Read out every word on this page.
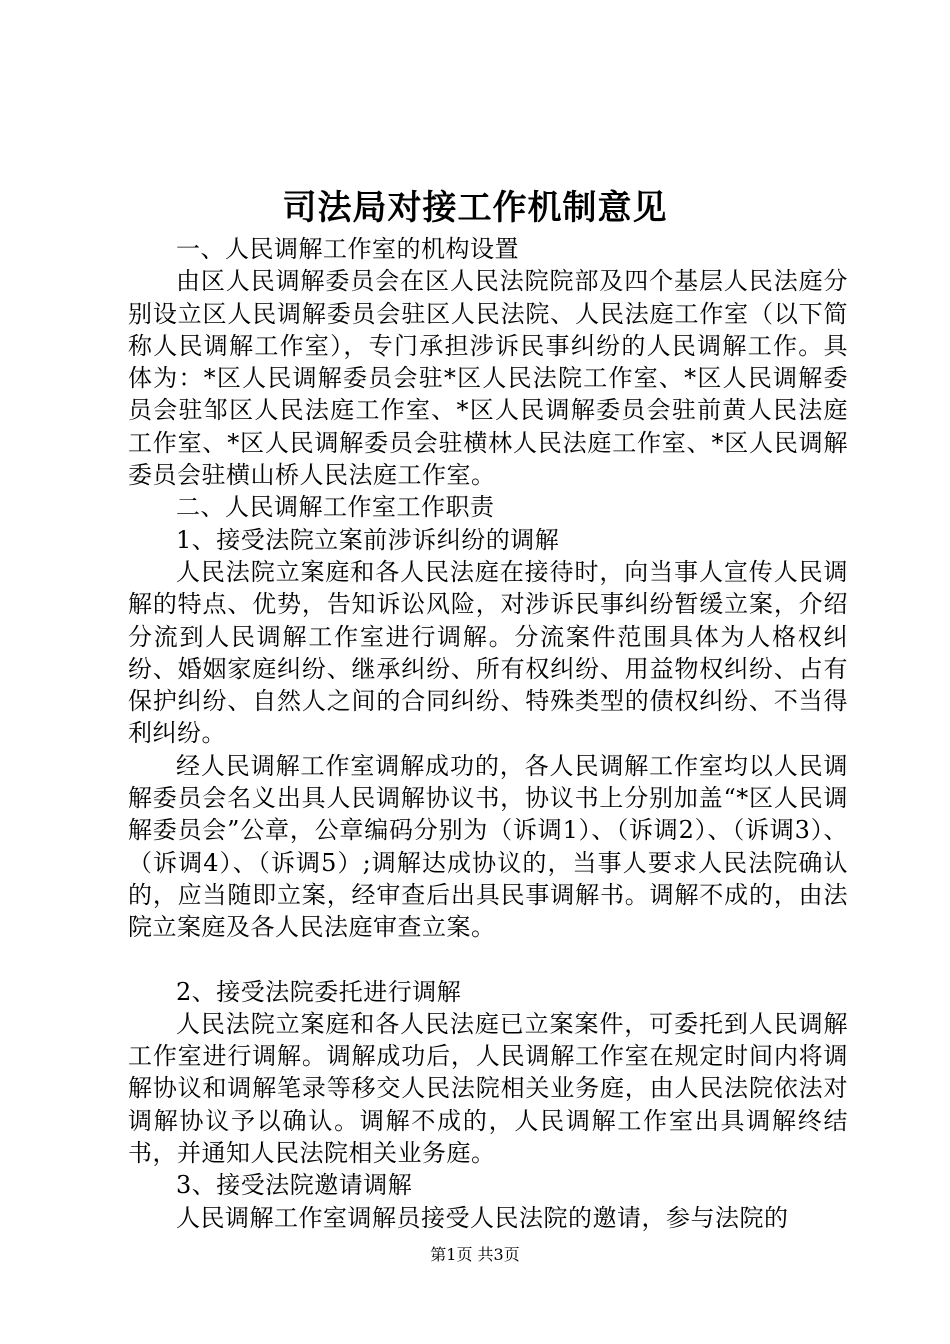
司法局对接工作机制意见

一、人民调解工作室的机构设置

由区人民调解委员会在区人民法院院部及四个基层人民法庭分别设立区人民调解委员会驻区人民法院、人民法庭工作室（以下简称人民调解工作室），专门承担涉诉民事纠纷的人民调解工作。具体为：*区人民调解委员会驻*区人民法院工作室、*区人民调解委员会驻邹区人民法庭工作室、*区人民调解委员会驻前黄人民法庭工作室、*区人民调解委员会驻横林人民法庭工作室、*区人民调解委员会驻横山桥人民法庭工作室。

二、人民调解工作室工作职责

1、接受法院立案前涉诉纠纷的调解

人民法院立案庭和各人民法庭在接待时，向当事人宣传人民调解的特点、优势，告知诉讼风险，对涉诉民事纠纷暂缓立案，介绍分流到人民调解工作室进行调解。分流案件范围具体为人格权纠纷、婚姻家庭纠纷、继承纠纷、所有权纠纷、用益物权纠纷、占有保护纠纷、自然人之间的合同纠纷、特殊类型的债权纠纷、不当得利纠纷。

经人民调解工作室调解成功的，各人民调解工作室均以人民调解委员会名义出具人民调解协议书，协议书上分别加盖“*区人民调解委员会”公章，公章编码分别为（诉调1）、（诉调2）、（诉调3）、（诉调4）、（诉调5）;调解达成协议的，当事人要求人民法院确认的，应当随即立案，经审查后出具民事调解书。调解不成的，由法院立案庭及各人民法庭审查立案。

2、接受法院委托进行调解

人民法院立案庭和各人民法庭已立案案件，可委托到人民调解工作室进行调解。调解成功后，人民调解工作室在规定时间内将调解协议和调解笔录等移交人民法院相关业务庭，由人民法院依法对调解协议予以确认。调解不成的，人民调解工作室出具调解终结书，并通知人民法院相关业务庭。

3、接受法院邀请调解

人民调解工作室调解员接受人民法院的邀请，参与法院的

第1页 共3页
